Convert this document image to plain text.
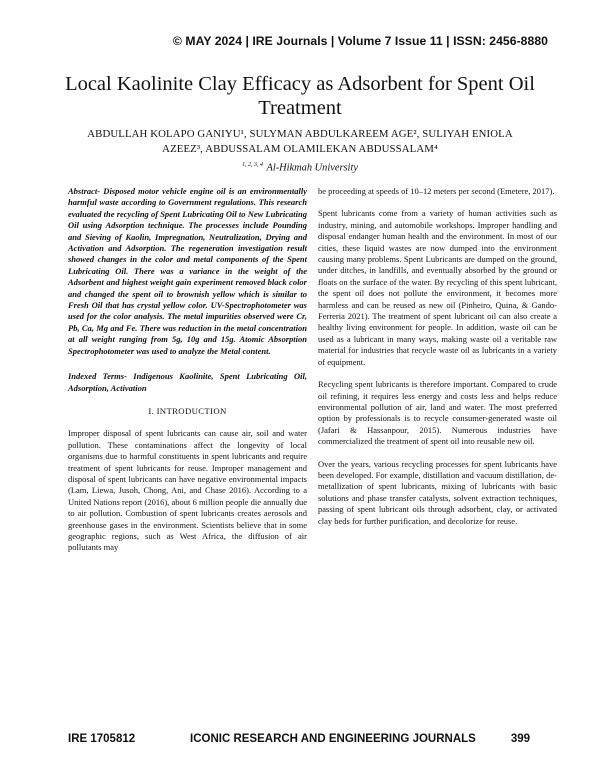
© MAY 2024 | IRE Journals | Volume 7 Issue 11 | ISSN: 2456-8880
Local Kaolinite Clay Efficacy as Adsorbent for Spent Oil Treatment
ABDULLAH KOLAPO GANIYU¹, SULYMAN ABDULKAREEM AGE², SULIYAH ENIOLA
AZEEZ³, ABDUSSALAM OLAMILEKAN ABDUSSALAM⁴
$^{1, 2, 3, 4}$ Al-Hikmah University

Abstract- Disposed motor vehicle engine oil is an environmentally harmful waste according to Government regulations. This research evaluated the recycling of Spent Lubricating Oil to New Lubricating Oil using Adsorption technique. The processes include Pounding and Sieving of Kaolin, Impregnation, Neutralization, Drying and Activation and Adsorption. The regeneration investigation result showed changes in the color and metal components of the Spent Lubricating Oil. There was a variance in the weight of the Adsorbent and highest weight gain experiment removed black color and changed the spent oil to brownish yellow which is similar to Fresh Oil that has crystal yellow color. UV-Spectrophotometer was used for the color analysis. The metal impurities observed were Cr, Pb, Ca, Mg and Fe. There was reduction in the metal concentration at all weight ranging from 5g, 10g and 15g. Atomic Absorption Spectrophotometer was used to analyze the Metal content.

Indexed Terms- Indigenous Kaolinite, Spent Lubricating Oil, Adsorption, Activation

I. INTRODUCTION

Improper disposal of spent lubricants can cause air, soil and water pollution. These contaminations affect the longevity of local organisms due to harmful constituents in spent lubricants and require treatment of spent lubricants for reuse. Improper management and disposal of spent lubricants can have negative environmental impacts (Lam, Liewa, Jusoh, Chong, Ani, and Chase 2016). According to a United Nations report (2016), about 6 million people die annually due to air pollution. Combustion of spent lubricants creates aerosols and greenhouse gases in the environment. Scientists believe that in some geographic regions, such as West Africa, the diffusion of air pollutants may

be proceeding at speeds of 10–12 meters per second (Emetere, 2017).

Spent lubricants come from a variety of human activities such as industry, mining, and automobile workshops. Improper handling and disposal endanger human health and the environment. In most of our cities, these liquid wastes are now dumped into the environment causing many problems. Spent Lubricants are dumped on the ground, under ditches, in landfills, and eventually absorbed by the ground or floats on the surface of the water. By recycling of this spent lubricant, the spent oil does not pollute the environment, it becomes more harmless and can be reused as new oil (Pinheiro, Quina, & Gando-Ferreria 2021). The treatment of spent lubricant oil can also create a healthy living environment for people. In addition, waste oil can be used as a lubricant in many ways, making waste oil a veritable raw material for industries that recycle waste oil as lubricants in a variety of equipment.

Recycling spent lubricants is therefore important. Compared to crude oil refining, it requires less energy and costs less and helps reduce environmental pollution of air, land and water. The most preferred option by professionals is to recycle consumer-generated waste oil (Jafari & Hassanpour, 2015). Numerous industries have commercialized the treatment of spent oil into reusable new oil.

Over the years, various recycling processes for spent lubricants have been developed. For example, distillation and vacuum distillation, de-metallization of spent lubricants, mixing of lubricants with basic solutions and phase transfer catalysts, solvent extraction techniques, passing of spent lubricant oils through adsorbent, clay, or activated clay beds for further purification, and decolorize for reuse.

IRE 1705812	ICONIC RESEARCH AND ENGINEERING JOURNALS	399
